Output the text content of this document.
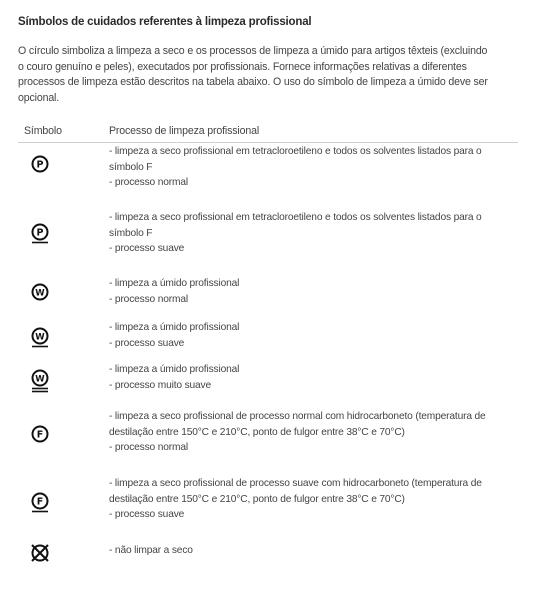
Símbolos de cuidados referentes à limpeza profissional
O círculo simboliza a limpeza a seco e os processos de limpeza a úmido para artigos têxteis (excluindo o couro genuíno e peles), executados por profissionais. Fornece informações relativas a diferentes processos de limpeza estão descritos na tabela abaixo. O uso do símbolo de limpeza a úmido deve ser opcional.
Símbolo	Processo de limpeza profissional
P
- limpeza a seco profissional em tetracloroetileno e todos os solventes listados para o símbolo F
- processo normal
P
- limpeza a seco profissional em tetracloroetileno e todos os solventes listados para o símbolo F
- processo suave
W
- limpeza a úmido profissional
- processo normal
W
- limpeza a úmido profissional
- processo suave
W
- limpeza a úmido profissional
- processo muito suave
F
- limpeza a seco profissional de processo normal com hidrocarboneto (temperatura de destilação entre 150°C e 210°C, ponto de fulgor entre 38°C e 70°C)
- processo normal
F
- limpeza a seco profissional de processo suave com hidrocarboneto (temperatura de destilação entre 150°C e 210°C, ponto de fulgor entre 38°C e 70°C)
- processo suave
- não limpar a seco
